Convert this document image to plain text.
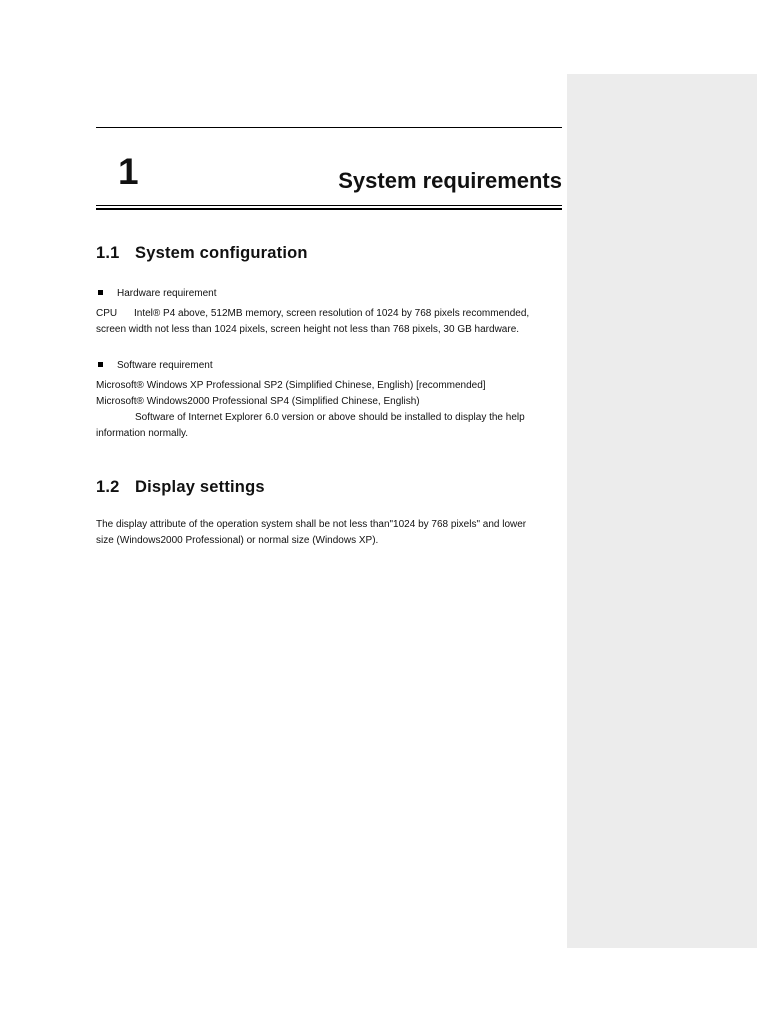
1	System requirements
1.1 System configuration
Hardware requirement
CPU Intel® P4 above, 512MB memory, screen resolution of 1024 by 768 pixels recommended,
screen width not less than 1024 pixels, screen height not less than 768 pixels, 30 GB hardware.
Software requirement
Microsoft® Windows XP Professional SP2 (Simplified Chinese, English) [recommended]
Microsoft® Windows2000 Professional SP4 (Simplified Chinese, English)
Software of Internet Explorer 6.0 version or above should be installed to display the help
information normally.
1.2 Display settings
The display attribute of the operation system shall be not less than"1024 by 768 pixels" and lower
size (Windows2000 Professional) or normal size (Windows XP).
